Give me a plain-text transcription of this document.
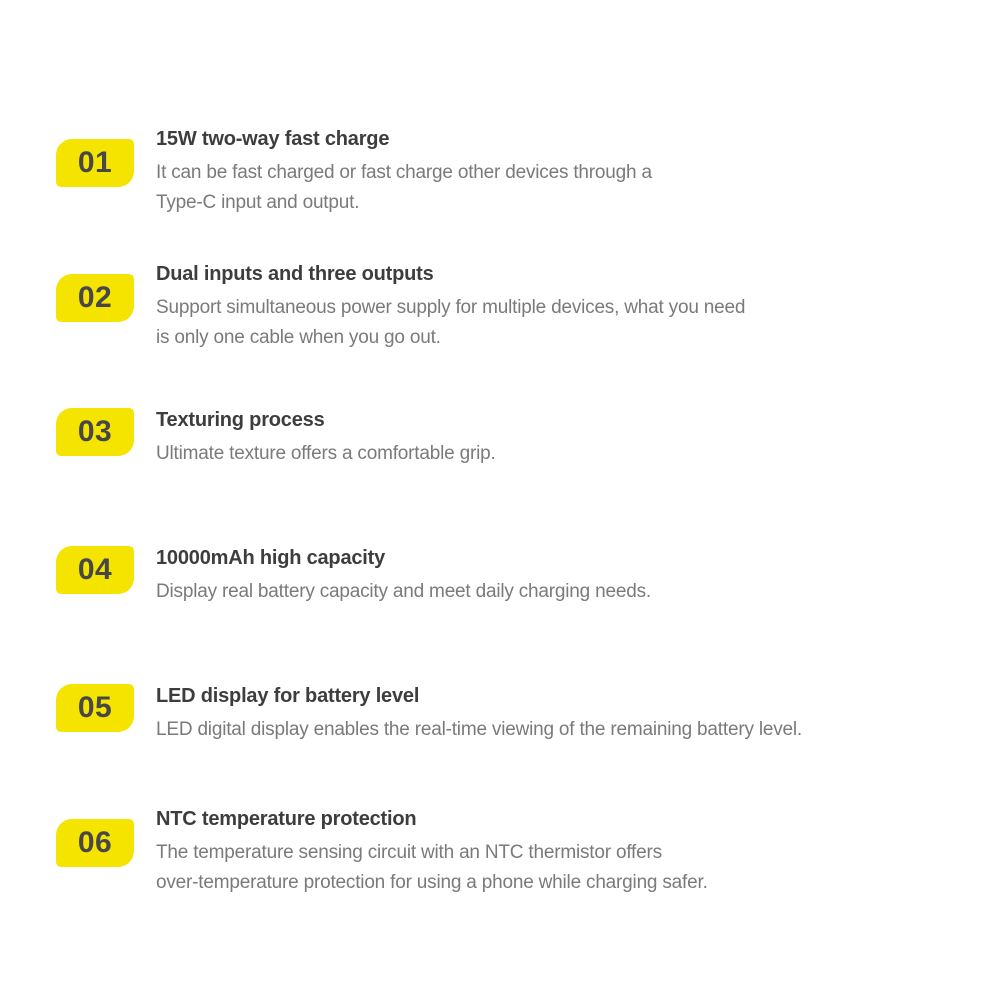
01
15W two-way fast charge
It can be fast charged or fast charge other devices through a
Type-C input and output.
02
Dual inputs and three outputs
Support simultaneous power supply for multiple devices, what you need
is only one cable when you go out.
03 Texturing process
Ultimate texture offers a comfortable grip.
04 10000mAh high capacity
Display real battery capacity and meet daily charging needs.
05 LED display for battery level
LED digital display enables the real-time viewing of the remaining battery level.
06
NTC temperature protection
The temperature sensing circuit with an NTC thermistor offers
over-temperature protection for using a phone while charging safer.
